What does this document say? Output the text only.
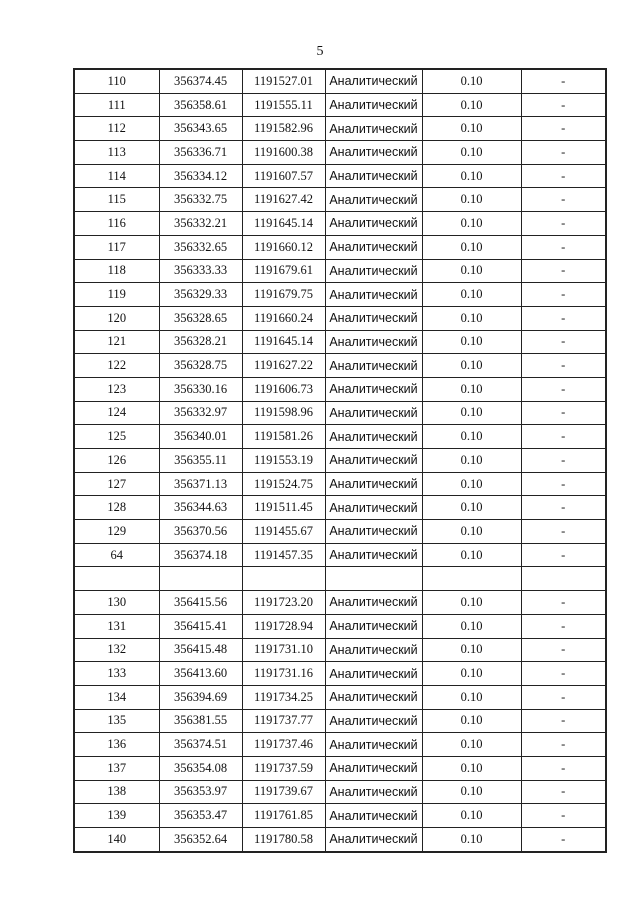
5
110	356374.45	1191527.01	Аналитический	0.10	-
111	356358.61	1191555.11	Аналитический	0.10	-
112	356343.65	1191582.96	Аналитический	0.10	-
113	356336.71	1191600.38	Аналитический	0.10	-
114	356334.12	1191607.57	Аналитический	0.10	-
115	356332.75	1191627.42	Аналитический	0.10	-
116	356332.21	1191645.14	Аналитический	0.10	-
117	356332.65	1191660.12	Аналитический	0.10	-
118	356333.33	1191679.61	Аналитический	0.10	-
119	356329.33	1191679.75	Аналитический	0.10	-
120	356328.65	1191660.24	Аналитический	0.10	-
121	356328.21	1191645.14	Аналитический	0.10	-
122	356328.75	1191627.22	Аналитический	0.10	-
123	356330.16	1191606.73	Аналитический	0.10	-
124	356332.97	1191598.96	Аналитический	0.10	-
125	356340.01	1191581.26	Аналитический	0.10	-
126	356355.11	1191553.19	Аналитический	0.10	-
127	356371.13	1191524.75	Аналитический	0.10	-
128	356344.63	1191511.45	Аналитический	0.10	-
129	356370.56	1191455.67	Аналитический	0.10	-
64	356374.18	1191457.35	Аналитический	0.10	-

130	356415.56	1191723.20	Аналитический	0.10	-
131	356415.41	1191728.94	Аналитический	0.10	-
132	356415.48	1191731.10	Аналитический	0.10	-
133	356413.60	1191731.16	Аналитический	0.10	-
134	356394.69	1191734.25	Аналитический	0.10	-
135	356381.55	1191737.77	Аналитический	0.10	-
136	356374.51	1191737.46	Аналитический	0.10	-
137	356354.08	1191737.59	Аналитический	0.10	-
138	356353.97	1191739.67	Аналитический	0.10	-
139	356353.47	1191761.85	Аналитический	0.10	-
140	356352.64	1191780.58	Аналитический	0.10	-
